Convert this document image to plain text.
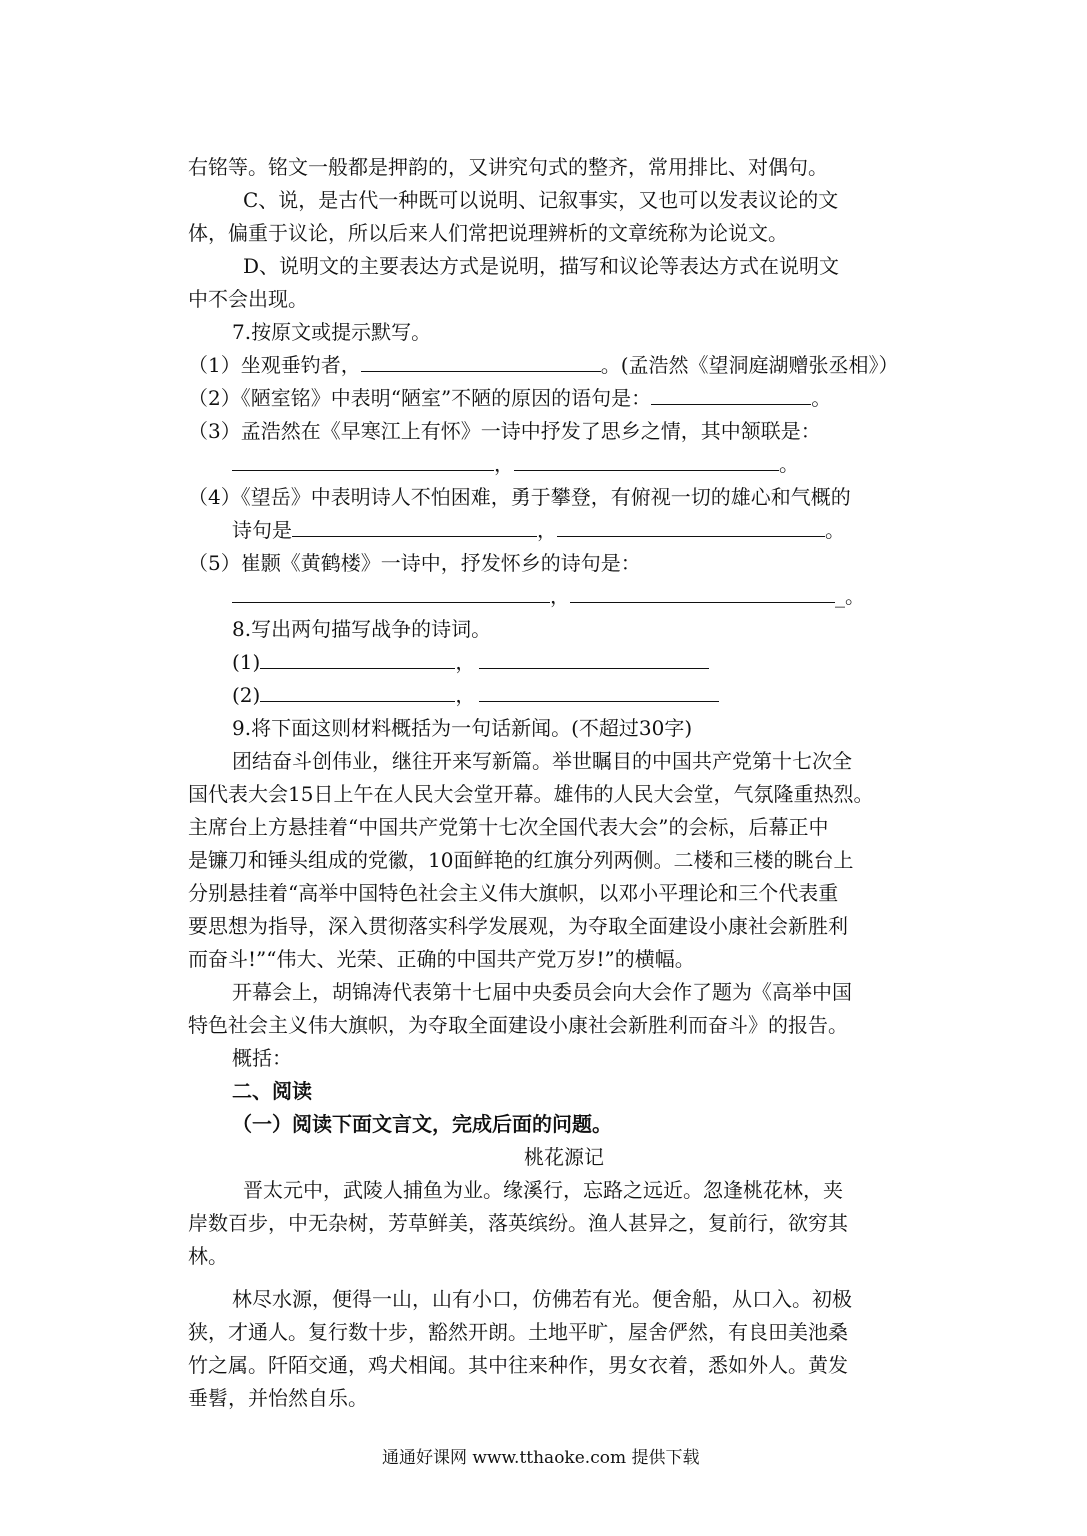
右铭等。铭文一般都是押韵的，又讲究句式的整齐，常用排比、对偶句。
C、说，是古代一种既可以说明、记叙事实，又也可以发表议论的文
体，偏重于议论，所以后来人们常把说理辨析的文章统称为论说文。
D、说明文的主要表达方式是说明，描写和议论等表达方式在说明文
中不会出现。
7.按原文或提示默写。
（1）坐观垂钓者，	。(孟浩然《望洞庭湖赠张丞相》）
（2）《陋室铭》中表明“陋室”不陋的原因的语句是：	。
（3）孟浩然在《早寒江上有怀》一诗中抒发了思乡之情，其中颔联是：
，	。
（4）《望岳》中表明诗人不怕困难，勇于攀登，有俯视一切的雄心和气概的
诗句是	，	。
（5）崔颢《黄鹤楼》一诗中，抒发怀乡的诗句是：
，	_。
8.写出两句描写战争的诗词。
(1)	，
(2)	，
9.将下面这则材料概括为一句话新闻。(不超过30字)
团结奋斗创伟业，继往开来写新篇。举世瞩目的中国共产党第十七次全
国代表大会15日上午在人民大会堂开幕。雄伟的人民大会堂，气氛隆重热烈。
主席台上方悬挂着“中国共产党第十七次全国代表大会”的会标，后幕正中
是镰刀和锤头组成的党徽，10面鲜艳的红旗分列两侧。二楼和三楼的眺台上
分别悬挂着“高举中国特色社会主义伟大旗帜，以邓小平理论和三个代表重
要思想为指导，深入贯彻落实科学发展观，为夺取全面建设小康社会新胜利
而奋斗!”“伟大、光荣、正确的中国共产党万岁!”的横幅。
开幕会上，胡锦涛代表第十七届中央委员会向大会作了题为《高举中国
特色社会主义伟大旗帜，为夺取全面建设小康社会新胜利而奋斗》的报告。
概括：
二、阅读
（一）阅读下面文言文，完成后面的问题。
桃花源记
晋太元中，武陵人捕鱼为业。缘溪行，忘路之远近。忽逢桃花林，夹
岸数百步，中无杂树，芳草鲜美，落英缤纷。渔人甚异之，复前行，欲穷其
林。
林尽水源，便得一山，山有小口，仿佛若有光。便舍船，从口入。初极
狭，才通人。复行数十步，豁然开朗。土地平旷，屋舍俨然，有良田美池桑
竹之属。阡陌交通，鸡犬相闻。其中往来种作，男女衣着，悉如外人。黄发
垂髫，并怡然自乐。
通通好课网 www.tthaoke.com 提供下载
